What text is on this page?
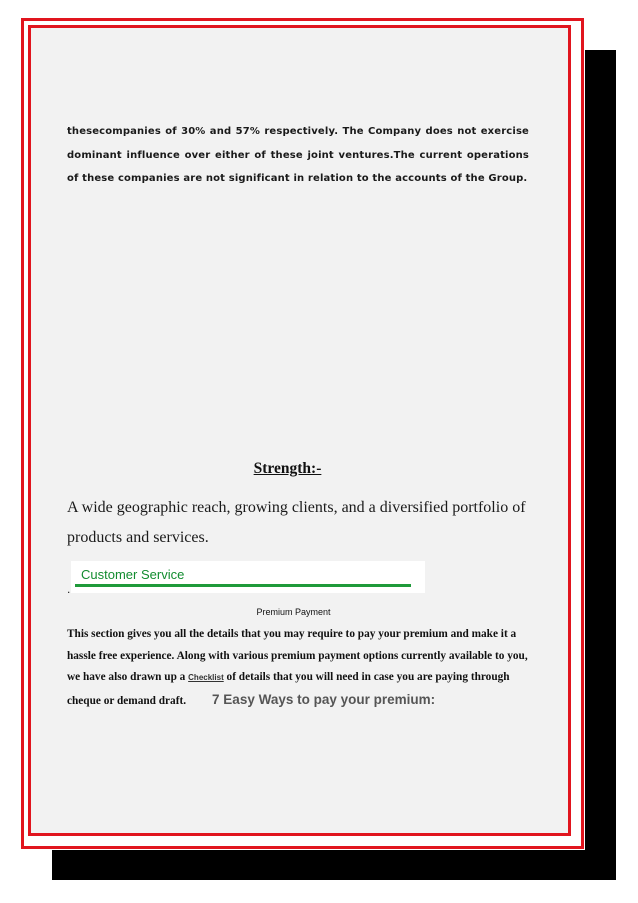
thesecompanies of 30% and 57% respectively. The Company does not exercise dominant influence over either of these joint ventures.The current operations of these companies are not significant in relation to the accounts of the Group.
Strength:-
A wide geographic reach, growing clients, and a diversified portfolio of products and services.
Customer Service
.
Premium Payment
This section gives you all the details that you may require to pay your premium and make it a hassle free experience. Along with various premium payment options currently available to you, we have also drawn up a Checklist of details that you will need in case you are paying through cheque or demand draft. 7 Easy Ways to pay your premium:
